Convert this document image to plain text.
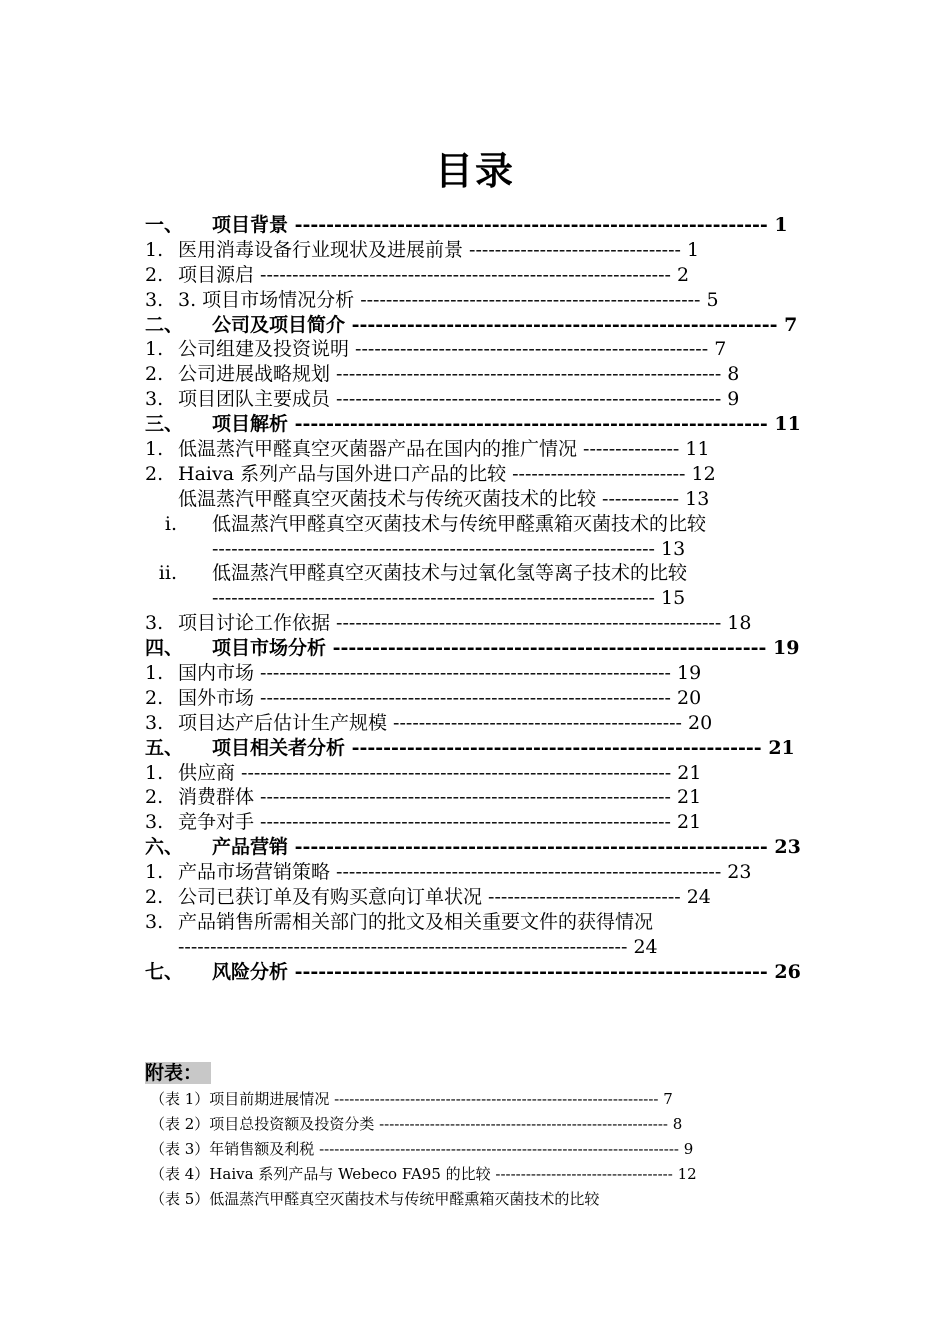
目录
一、 项目背景 ------------------------------------------------------------ 1
1. 医用消毒设备行业现状及进展前景 --------------------------------- 1
2. 项目源启 ---------------------------------------------------------------- 2
3. 3. 项目市场情况分析 ----------------------------------------------------- 5
二、 公司及项目简介 ------------------------------------------------------ 7
1. 公司组建及投资说明 ------------------------------------------------------- 7
2. 公司进展战略规划 ------------------------------------------------------------ 8
3. 项目团队主要成员 ------------------------------------------------------------ 9
三、 项目解析 ------------------------------------------------------------ 11
1. 低温蒸汽甲醛真空灭菌器产品在国内的推广情况 --------------- 11
2. Haiva 系列产品与国外进口产品的比较 --------------------------- 12
低温蒸汽甲醛真空灭菌技术与传统灭菌技术的比较 ------------ 13
i. 低温蒸汽甲醛真空灭菌技术与传统甲醛熏箱灭菌技术的比较
--------------------------------------------------------------------- 13
ii. 低温蒸汽甲醛真空灭菌技术与过氧化氢等离子技术的比较
--------------------------------------------------------------------- 15
3. 项目讨论工作依据 ------------------------------------------------------------ 18
四、 项目市场分析 ------------------------------------------------------- 19
1. 国内市场 ---------------------------------------------------------------- 19
2. 国外市场 ---------------------------------------------------------------- 20
3. 项目达产后估计生产规模 --------------------------------------------- 20
五、 项目相关者分析 ---------------------------------------------------- 21
1. 供应商 ------------------------------------------------------------------- 21
2. 消费群体 ---------------------------------------------------------------- 21
3. 竞争对手 ---------------------------------------------------------------- 21
六、 产品营销 ------------------------------------------------------------ 23
1. 产品市场营销策略 ------------------------------------------------------------ 23
2. 公司已获订单及有购买意向订单状况 ------------------------------ 24
3. 产品销售所需相关部门的批文及相关重要文件的获得情况
---------------------------------------------------------------------- 24
七、 风险分析 ------------------------------------------------------------ 26
附表：
（表 1）项目前期进展情况 ---------------------------------------------------------------- 7
（表 2）项目总投资额及投资分类 --------------------------------------------------------- 8
（表 3）年销售额及利税 ----------------------------------------------------------------------- 9
（表 4）Haiva 系列产品与 Webeco FA95 的比较 ----------------------------------- 12
（表 5）低温蒸汽甲醛真空灭菌技术与传统甲醛熏箱灭菌技术的比较
